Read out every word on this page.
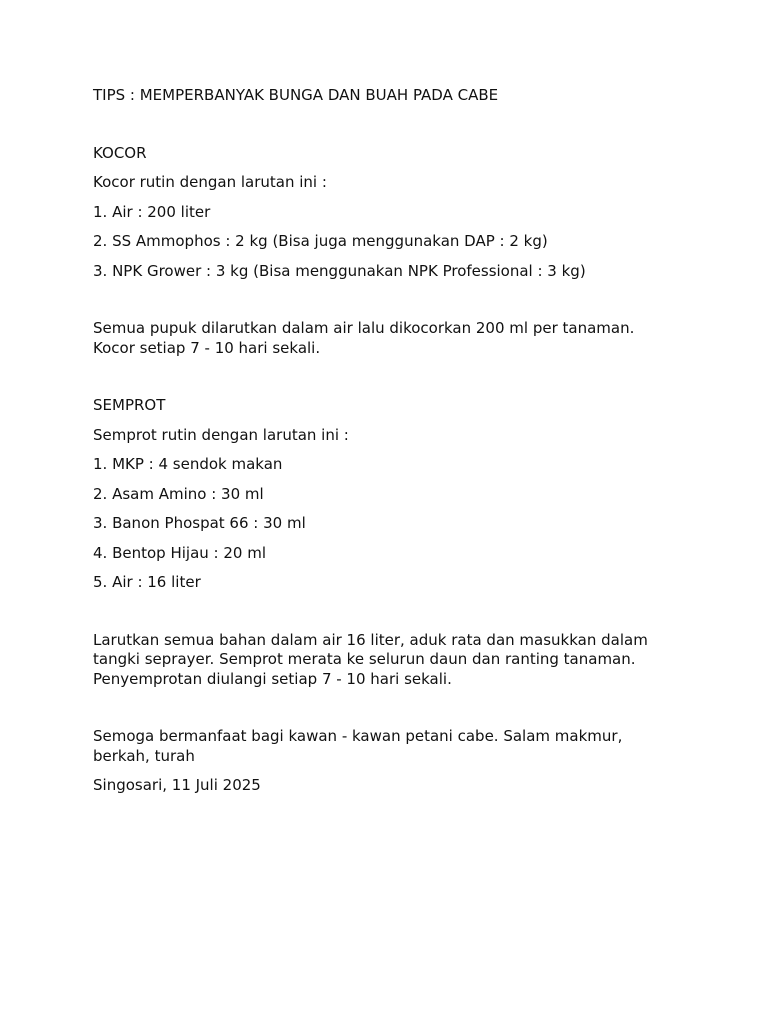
TIPS : MEMPERBANYAK BUNGA DAN BUAH PADA CABE

KOCOR

Kocor rutin dengan larutan ini :

1. Air : 200 liter

2. SS Ammophos : 2 kg (Bisa juga menggunakan DAP : 2 kg)

3. NPK Grower : 3 kg (Bisa menggunakan NPK Professional : 3 kg)

Semua pupuk dilarutkan dalam air lalu dikocorkan 200 ml per tanaman.

Kocor setiap 7 - 10 hari sekali.

SEMPROT

Semprot rutin dengan larutan ini :

1. MKP : 4 sendok makan

2. Asam Amino : 30 ml

3. Banon Phospat 66 : 30 ml

4. Bentop Hijau : 20 ml

5. Air : 16 liter

Larutkan semua bahan dalam air 16 liter, aduk rata dan masukkan dalam

tangki seprayer. Semprot merata ke selurun daun dan ranting tanaman.

Penyemprotan diulangi setiap 7 - 10 hari sekali.

Semoga bermanfaat bagi kawan - kawan petani cabe. Salam makmur,

berkah, turah

Singosari, 11 Juli 2025
